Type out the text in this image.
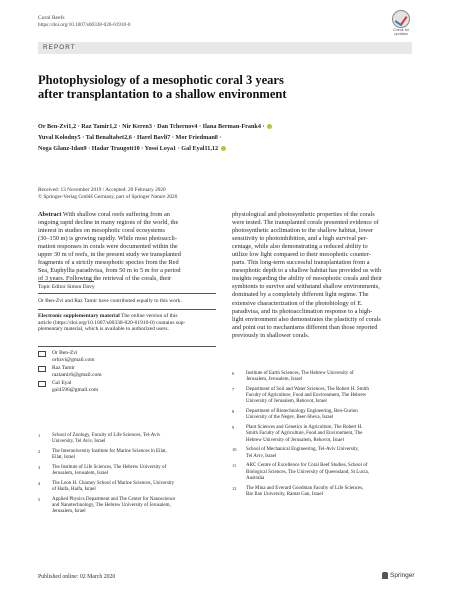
Coral Reefs
https://doi.org/10.1007/s00338-020-01910-0
Check for updates
REPORT
Photophysiology of a mesophotic coral 3 years
after transplantation to a shallow environment
Or Ben-Zvi1,2 · Raz Tamir1,2 · Nir Keren3 · Dan Tchernov4 · Ilana Berman-Frank4 ·
Yuval Kolodny5 · Tal Benaltabet2,6 · Harel Bavli7 · Mor Friedman8 ·
Noga Glanz-Idan9 · Hadar Traugott10 · Yossi Loya1 · Gal Eyal11,12
Received: 13 November 2019 / Accepted: 20 February 2020
© Springer-Verlag GmbH Germany, part of Springer Nature 2020
Abstract With shallow coral reefs suffering from an
ongoing rapid decline in many regions of the world, the
interest in studies on mesophotic coral ecosystems
(30–150 m) is growing rapidly. While most photoaccli-
mation responses in corals were documented within the
upper 30 m of reefs, in the present study we transplanted
fragments of a strictly mesophotic species from the Red
Sea, Euphyllia paradivisa, from 50 m to 5 m for a period
of 3 years. Following the retrieval of the corals, their
physiological and photosynthetic properties of the corals
were tested. The transplanted corals presented evidence of
photosynthetic acclimation to the shallow habitat, lower
sensitivity to photoinhibition, and a high survival per-
centage, while also demonstrating a reduced ability to
utilize low light compared to their mesophotic counter-
parts. This long-term successful transplantation from a
mesophotic depth to a shallow habitat has provided us with
insights regarding the ability of mesophotic corals and their
symbionts to survive and withstand shallow environments,
dominated by a completely different light regime. The
extensive characterization of the photobiology of E.
paradivisa, and its photoacclimation response to a high-
light environment also demonstrates the plasticity of corals
and point out to mechanisms different than those reported
previously in shallower corals.
Topic Editor Simon Davy
Or Ben-Zvi and Raz Tamir have contributed equally to this work.
Electronic supplementary material The online version of this
article (https://doi.org/10.1007/s00338-020-01910-0) contains sup-
plementary material, which is available to authorized users.
Or Ben-Zvi
orbzvi@gmail.com
Raz Tamir
raztamir6@gmail.com
Gal Eyal
gal4596@gmail.com
1	School of Zoology, Faculty of Life Sciences, Tel-Aviv
University, Tel Aviv, Israel
2	The Interuniversity Institute for Marine Sciences in Eilat,
Eilat, Israel
3	The Institute of Life Sciences, The Hebrew University of
Jerusalem, Jerusalem, Israel
4	The Leon H. Charney School of Marine Sciences, University
of Haifa, Haifa, Israel
5	Applied Physics Department and The Center for Nanoscience
and Nanotechnology, The Hebrew University of Jerusalem,
Jerusalem, Israel
6	Institute of Earth Sciences, The Hebrew University of
Jerusalem, Jerusalem, Israel
7	Department of Soil and Water Sciences, The Robert H. Smith
Faculty of Agriculture, Food and Environment, The Hebrew
University of Jerusalem, Rehovot, Israel
8	Department of Biotechnology Engineering, Ben-Gurion
University of the Negev, Beer-Sheva, Israel
9	Plant Sciences and Genetics in Agriculture, The Robert H.
Smith Faculty of Agriculture, Food and Environment, The
Hebrew University of Jerusalem, Rehovot, Israel
10	School of Mechanical Engineering, Tel-Aviv University,
Tel Aviv, Israel
11	ARC Centre of Excellence for Coral Reef Studies, School of
Biological Sciences, The University of Queensland, St Lucia,
Australia
12	The Mina and Everard Goodman Faculty of Life Sciences,
Bar Ilan University, Ramat Gan, Israel
Published online: 02 March 2020	Springer
